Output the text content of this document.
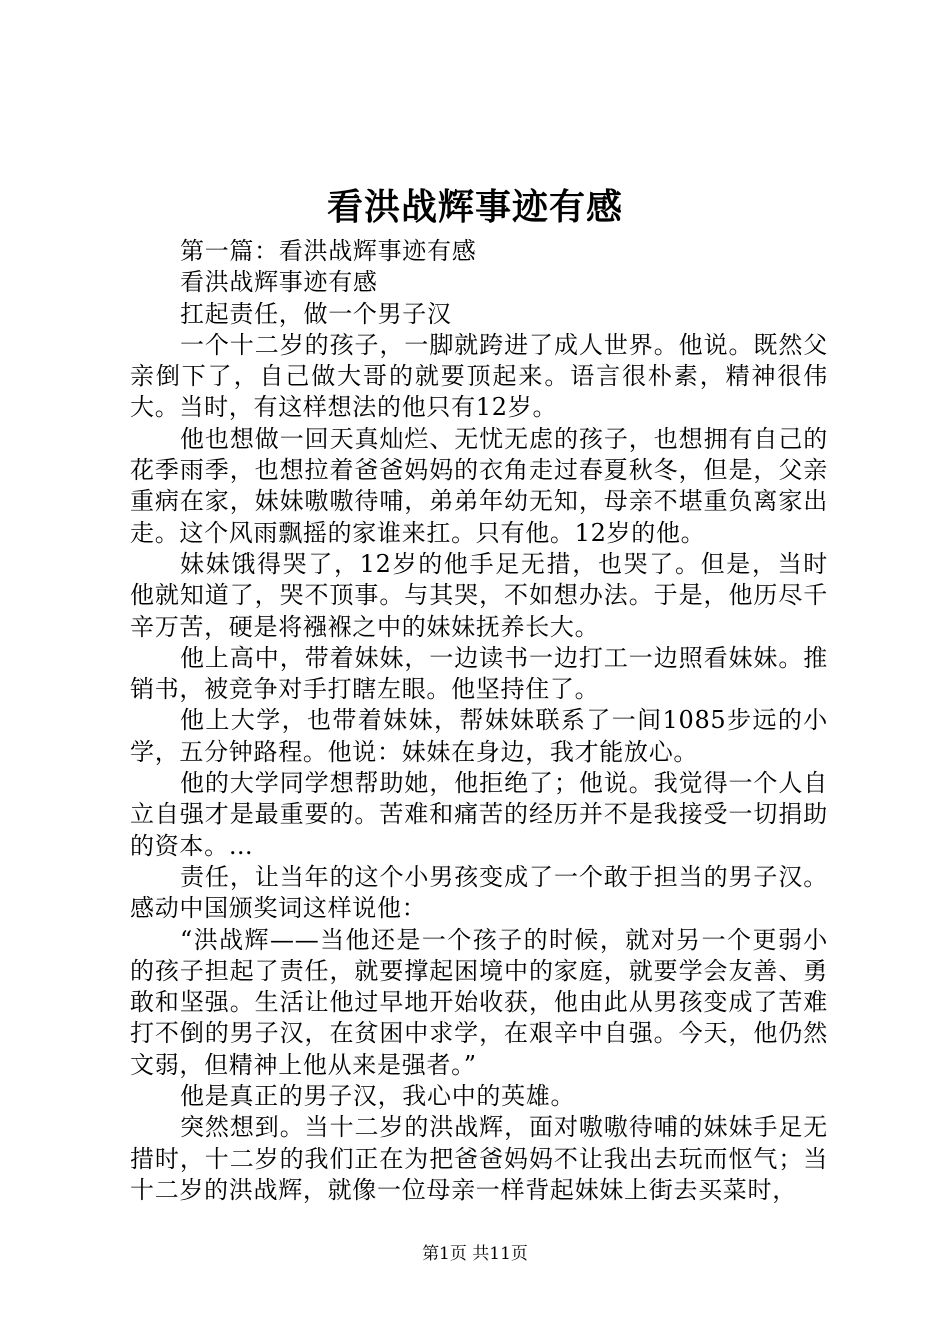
看洪战辉事迹有感

第一篇：看洪战辉事迹有感

看洪战辉事迹有感

扛起责任，做一个男子汉

一个十二岁的孩子，一脚就跨进了成人世界。他说。既然父亲倒下了，自己做大哥的就要顶起来。语言很朴素，精神很伟大。当时，有这样想法的他只有12岁。

他也想做一回天真灿烂、无忧无虑的孩子，也想拥有自己的花季雨季，也想拉着爸爸妈妈的衣角走过春夏秋冬，但是，父亲重病在家，妹妹嗷嗷待哺，弟弟年幼无知，母亲不堪重负离家出走。这个风雨飘摇的家谁来扛。只有他。12岁的他。

妹妹饿得哭了，12岁的他手足无措，也哭了。但是，当时他就知道了，哭不顶事。与其哭，不如想办法。于是，他历尽千辛万苦，硬是将襁褓之中的妹妹抚养长大。

他上高中，带着妹妹，一边读书一边打工一边照看妹妹。推销书，被竞争对手打瞎左眼。他坚持住了。

他上大学，也带着妹妹，帮妹妹联系了一间1085步远的小学，五分钟路程。他说：妹妹在身边，我才能放心。

他的大学同学想帮助她，他拒绝了；他说。我觉得一个人自立自强才是最重要的。苦难和痛苦的经历并不是我接受一切捐助的资本。…

责任，让当年的这个小男孩变成了一个敢于担当的男子汉。感动中国颁奖词这样说他：

“洪战辉——当他还是一个孩子的时候，就对另一个更弱小的孩子担起了责任，就要撑起困境中的家庭，就要学会友善、勇敢和坚强。生活让他过早地开始收获，他由此从男孩变成了苦难打不倒的男子汉，在贫困中求学，在艰辛中自强。今天，他仍然文弱，但精神上他从来是强者。”

他是真正的男子汉，我心中的英雄。

突然想到。当十二岁的洪战辉，面对嗷嗷待哺的妹妹手足无措时，十二岁的我们正在为把爸爸妈妈不让我出去玩而怄气；当十二岁的洪战辉，就像一位母亲一样背起妹妹上街去买菜时，

第1页 共11页
